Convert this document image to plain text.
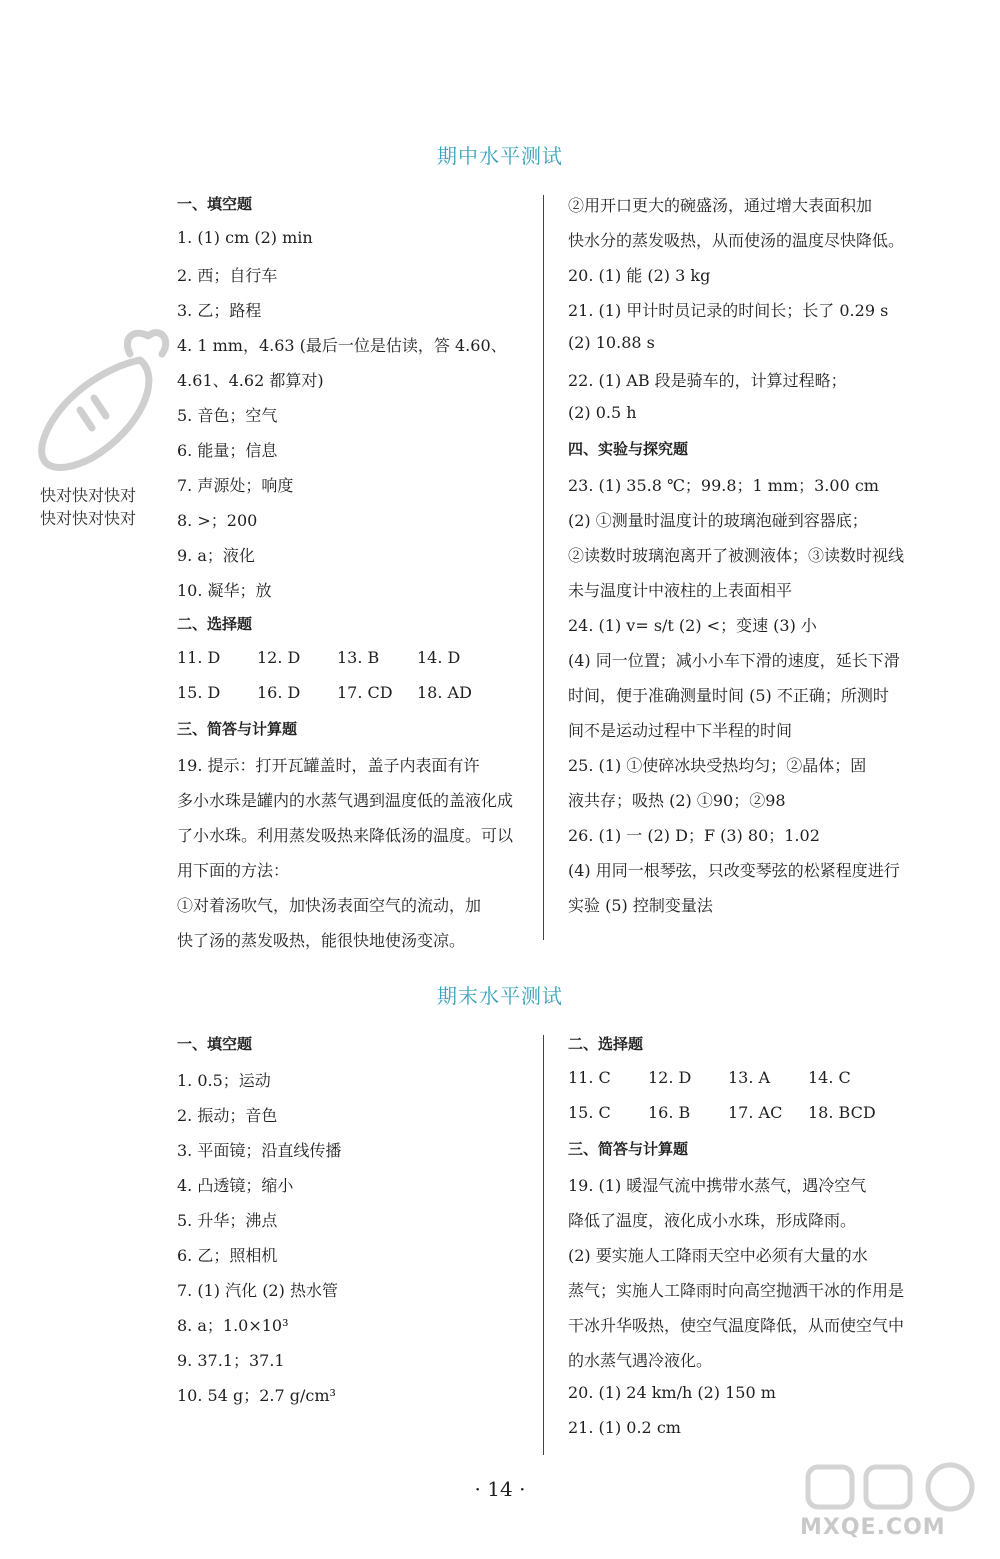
期中水平测试
一、填空题
1. (1) cm (2) min
2. 西；自行车
3. 乙；路程
4. 1 mm，4.63 (最后一位是估读，答 4.60、
4.61、4.62 都算对)
5. 音色；空气
6. 能量；信息
7. 声源处；响度
8. >；200
9. a；液化
10. 凝华；放
二、选择题
11. D 12. D 13. B 14. D
15. D 16. D 17. CD 18. AD
三、简答与计算题
19. 提示：打开瓦罐盖时，盖子内表面有许
多小水珠是罐内的水蒸气遇到温度低的盖液化成
了小水珠。利用蒸发吸热来降低汤的温度。可以
用下面的方法：
①对着汤吹气，加快汤表面空气的流动，加
快了汤的蒸发吸热，能很快地使汤变凉。
②用开口更大的碗盛汤，通过增大表面积加
快水分的蒸发吸热，从而使汤的温度尽快降低。
20. (1) 能 (2) 3 kg
21. (1) 甲计时员记录的时间长；长了 0.29 s
(2) 10.88 s
22. (1) AB 段是骑车的，计算过程略；
(2) 0.5 h
四、实验与探究题
23. (1) 35.8 ℃；99.8；1 mm；3.00 cm
(2) ①测量时温度计的玻璃泡碰到容器底；
②读数时玻璃泡离开了被测液体；③读数时视线
未与温度计中液柱的上表面相平
24. (1) v= s/t (2) <；变速 (3) 小
(4) 同一位置；减小小车下滑的速度，延长下滑
时间，便于准确测量时间 (5) 不正确；所测时
间不是运动过程中下半程的时间
25. (1) ①使碎冰块受热均匀；②晶体；固
液共存；吸热 (2) ①90；②98
26. (1) 一 (2) D；F (3) 80；1.02
(4) 用同一根琴弦，只改变琴弦的松紧程度进行
实验 (5) 控制变量法
期末水平测试
一、填空题
1. 0.5；运动
2. 振动；音色
3. 平面镜；沿直线传播
4. 凸透镜；缩小
5. 升华；沸点
6. 乙；照相机
7. (1) 汽化 (2) 热水管
8. a；1.0×10³
9. 37.1；37.1
10. 54 g；2.7 g/cm³
二、选择题
11. C 12. D 13. A 14. C
15. C 16. B 17. AC 18. BCD
三、简答与计算题
19. (1) 暖湿气流中携带水蒸气，遇冷空气
降低了温度，液化成小水珠，形成降雨。
(2) 要实施人工降雨天空中必须有大量的水
蒸气；实施人工降雨时向高空抛洒干冰的作用是
干冰升华吸热，使空气温度降低，从而使空气中
的水蒸气遇冷液化。
20. (1) 24 km/h (2) 150 m
21. (1) 0.2 cm
快对快对快对
快对快对快对
· 14 ·
MXQE.COM
